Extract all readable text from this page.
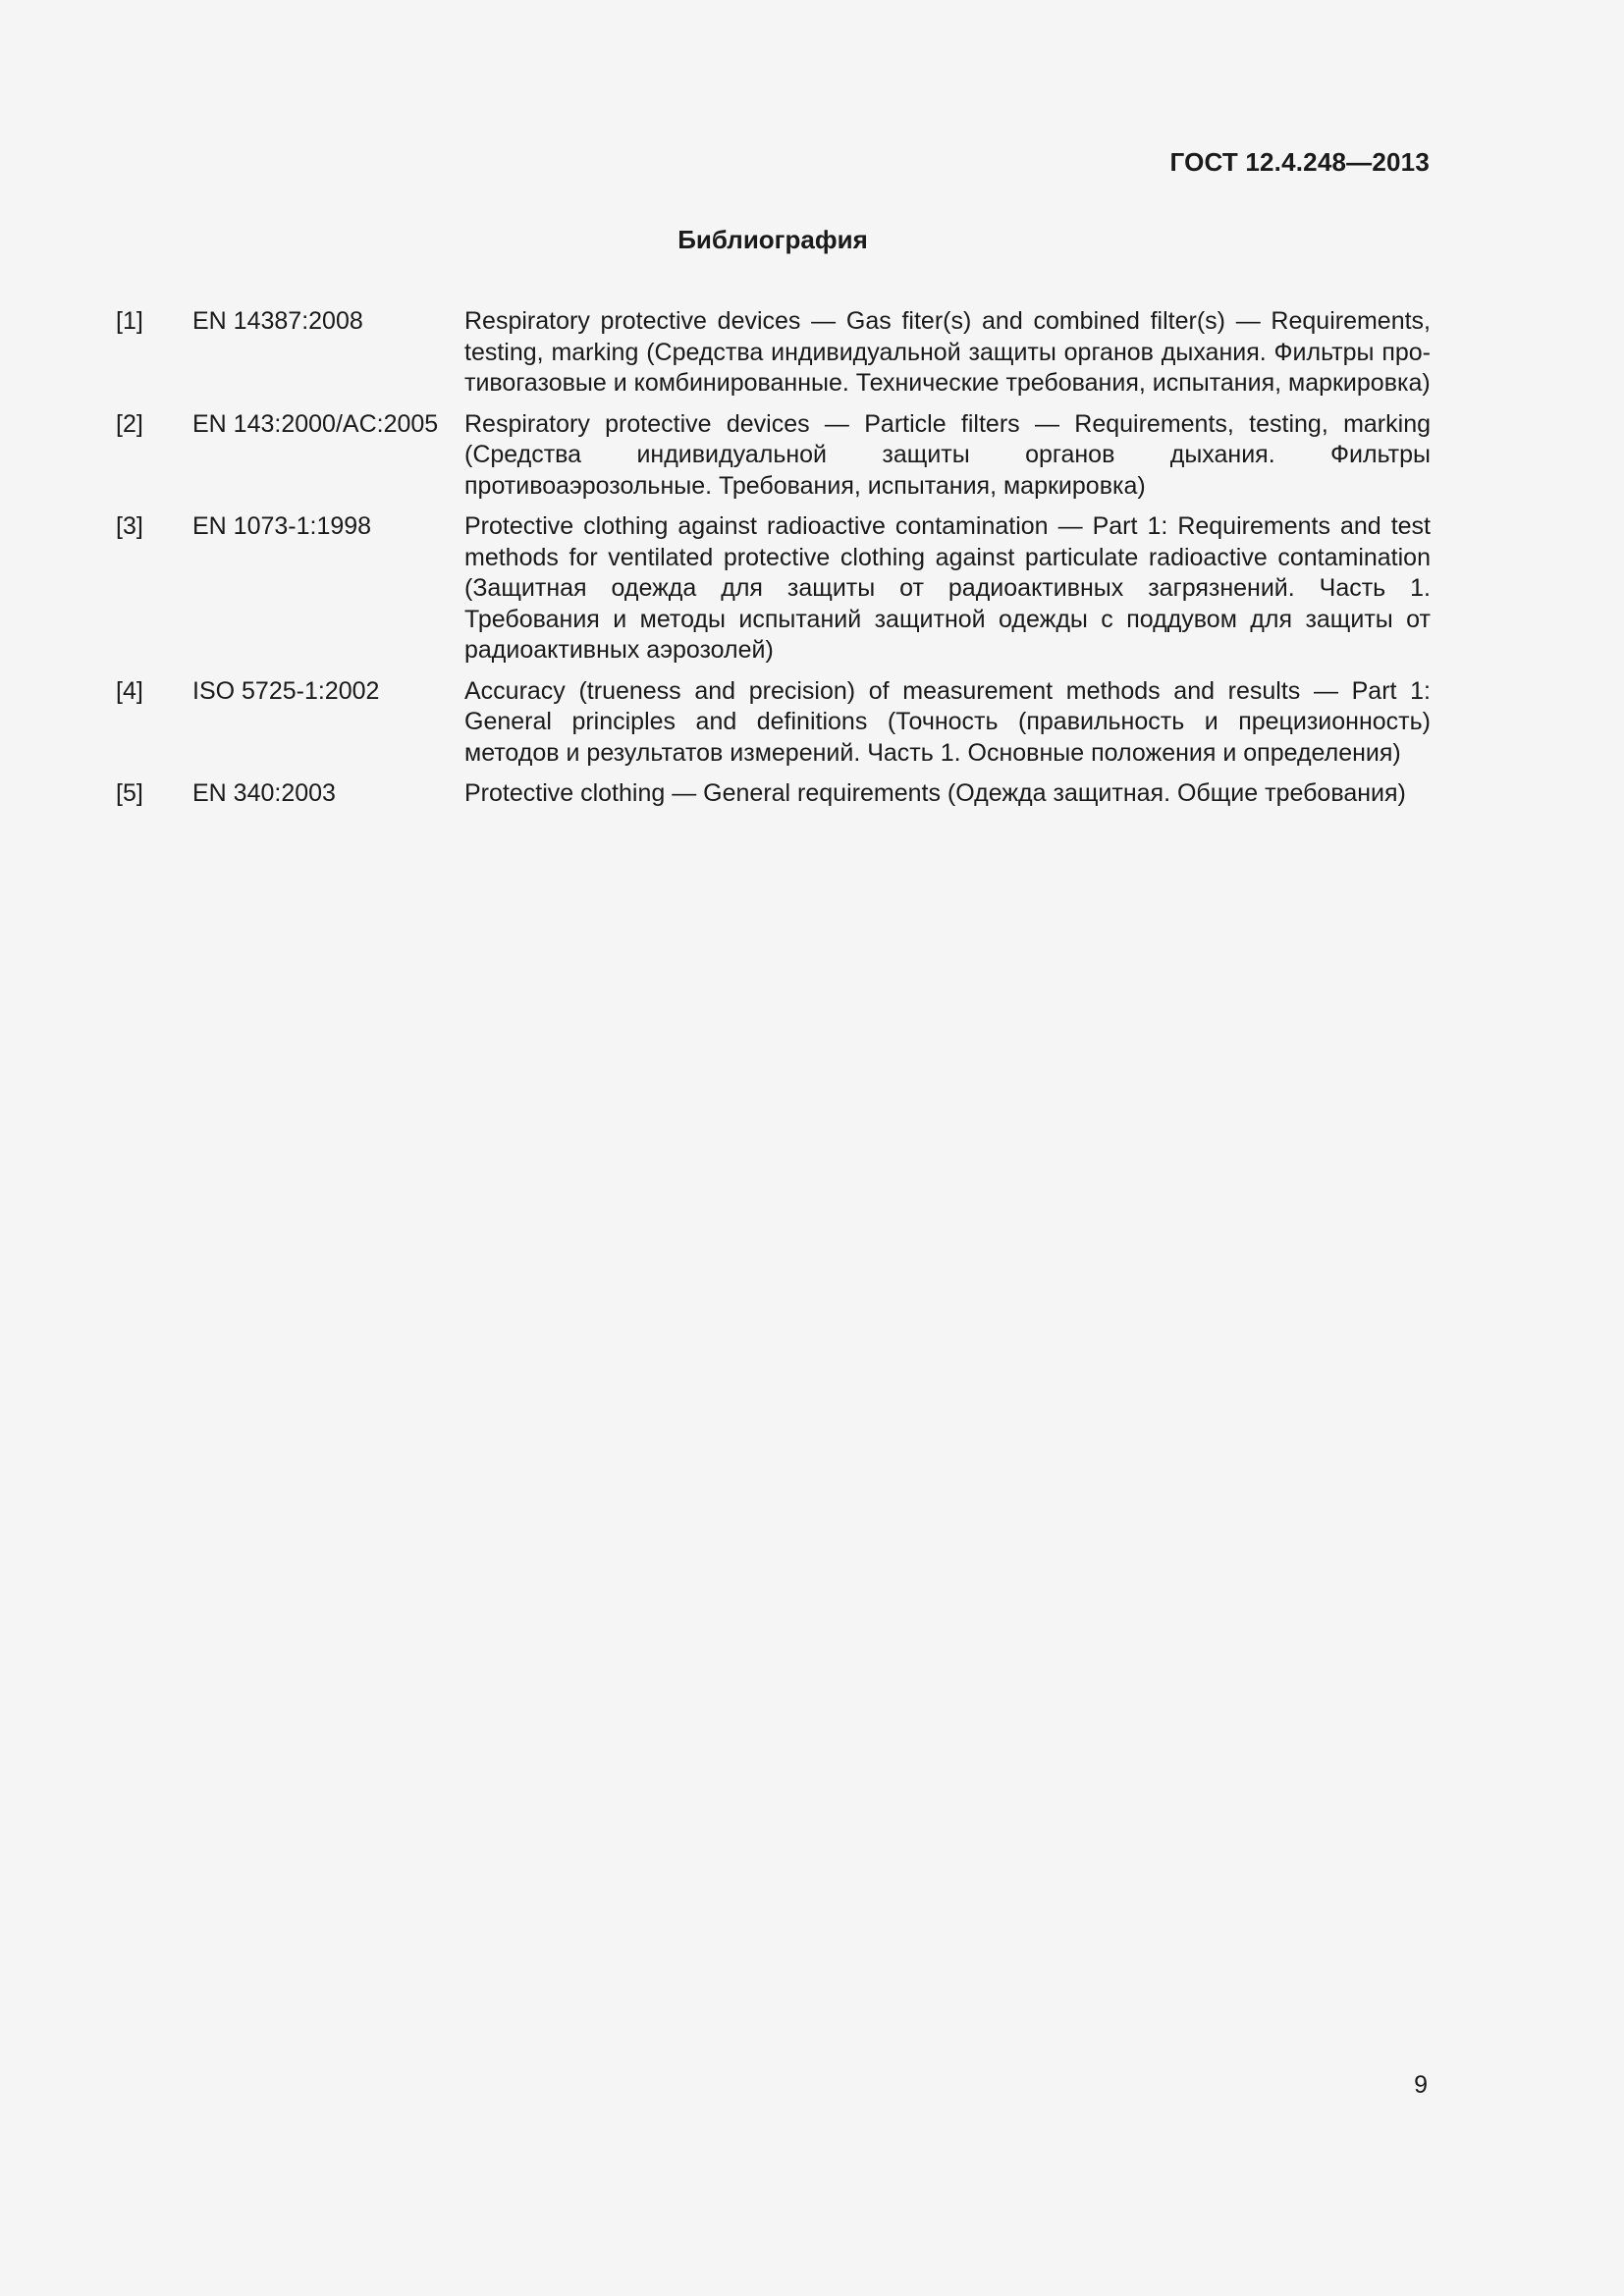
ГОСТ 12.4.248—2013
Библиография
[1]	EN 14387:2008	Respiratory protective devices — Gas fiter(s) and combined filter(s) — Requirements, testing, marking (Средства индивидуальной защиты органов дыхания. Фильтры противогазовые и комбинированные. Технические требования, испытания, маркировка)
[2]	EN 143:2000/AC:2005	Respiratory protective devices — Particle filters — Requirements, testing, marking (Средства индивидуальной защиты органов дыхания. Фильтры противоаэрозольные. Требования, испытания, маркировка)
[3]	EN 1073-1:1998	Protective clothing against radioactive contamination — Part 1: Requirements and test methods for ventilated protective clothing against particulate radioactive contamination (Защитная одежда для защиты от радиоактивных загрязнений. Часть 1. Требования и методы испытаний защитной одежды с поддувом для защиты от радиоактивных аэрозолей)
[4]	ISO 5725-1:2002	Accuracy (trueness and precision) of measurement methods and results — Part 1: General principles and definitions (Точность (правильность и прецизионность) методов и результатов измерений. Часть 1. Основные положения и определения)
[5]	EN 340:2003	Protective clothing — General requirements (Одежда защитная. Общие требования)
9
